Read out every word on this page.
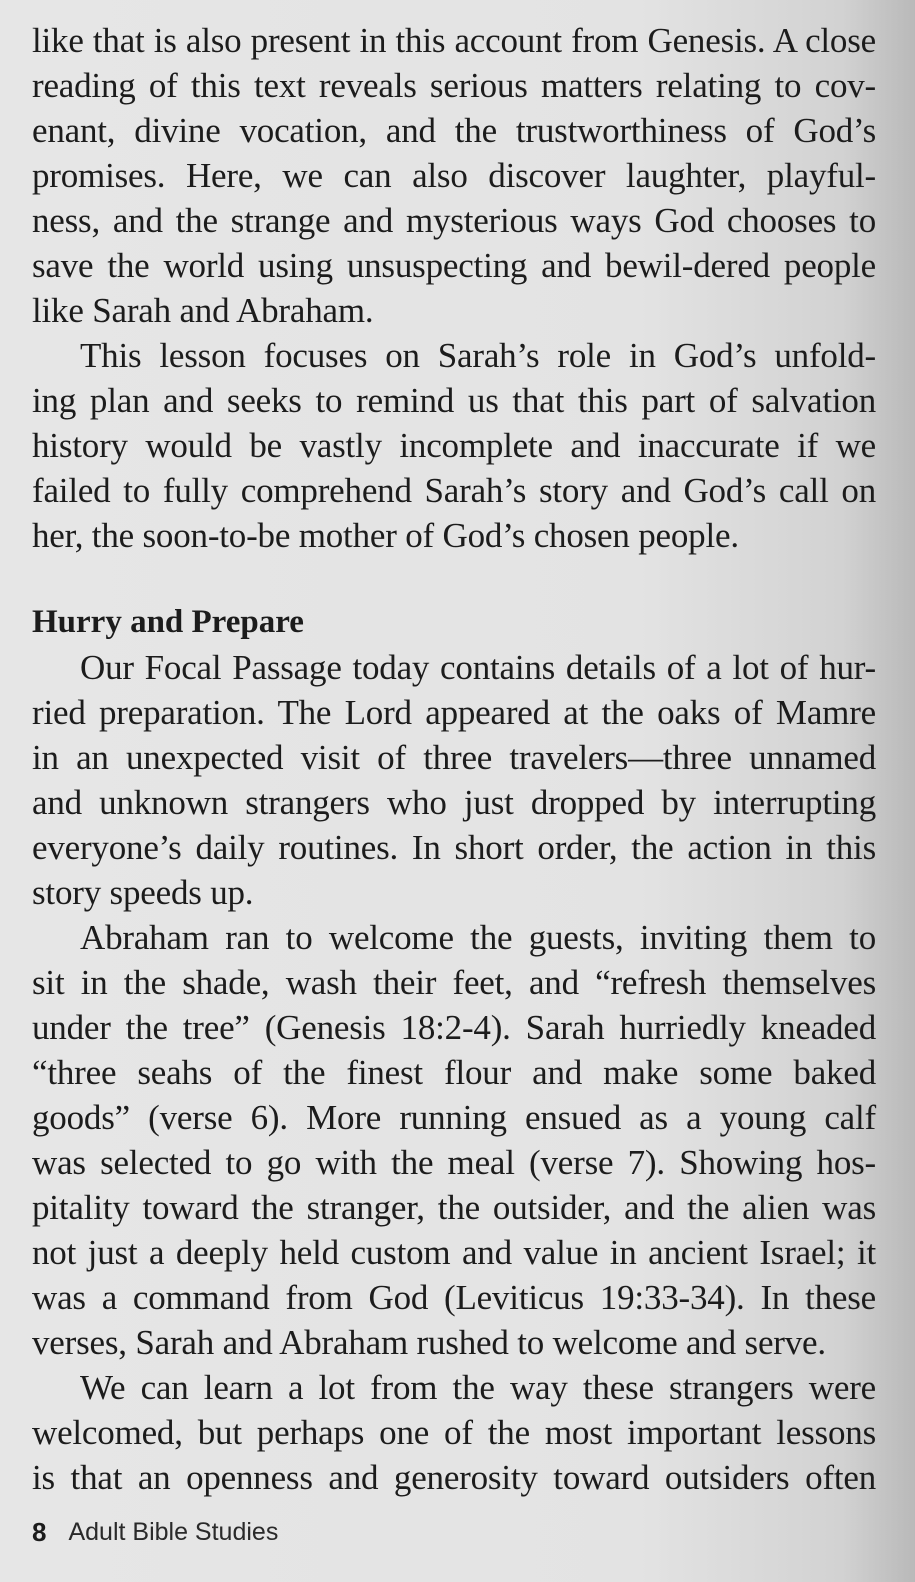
like that is also present in this account from Genesis. A close
reading of this text reveals serious matters relating to cov-
enant, divine vocation, and the trustworthiness of God’s
promises. Here, we can also discover laughter, playful-
ness, and the strange and mysterious ways God chooses to
save the world using unsuspecting and bewil-dered people
like Sarah and Abraham.
This lesson focuses on Sarah’s role in God’s unfold-
ing plan and seeks to remind us that this part of salvation
history would be vastly incomplete and inaccurate if we
failed to fully comprehend Sarah’s story and God’s call on
her, the soon-to-be mother of God’s chosen people.
Hurry and Prepare
Our Focal Passage today contains details of a lot of hur-
ried preparation. The Lord appeared at the oaks of Mamre
in an unexpected visit of three travelers—three unnamed
and unknown strangers who just dropped by interrupting
everyone’s daily routines. In short order, the action in this
story speeds up.
Abraham ran to welcome the guests, inviting them to
sit in the shade, wash their feet, and “refresh themselves
under the tree” (Genesis 18:2-4). Sarah hurriedly kneaded
“three seahs of the finest flour and make some baked
goods” (verse 6). More running ensued as a young calf
was selected to go with the meal (verse 7). Showing hos-
pitality toward the stranger, the outsider, and the alien was
not just a deeply held custom and value in ancient Israel; it
was a command from God (Leviticus 19:33-34). In these
verses, Sarah and Abraham rushed to welcome and serve.
We can learn a lot from the way these strangers were
welcomed, but perhaps one of the most important lessons
is that an openness and generosity toward outsiders often
8 Adult Bible Studies
